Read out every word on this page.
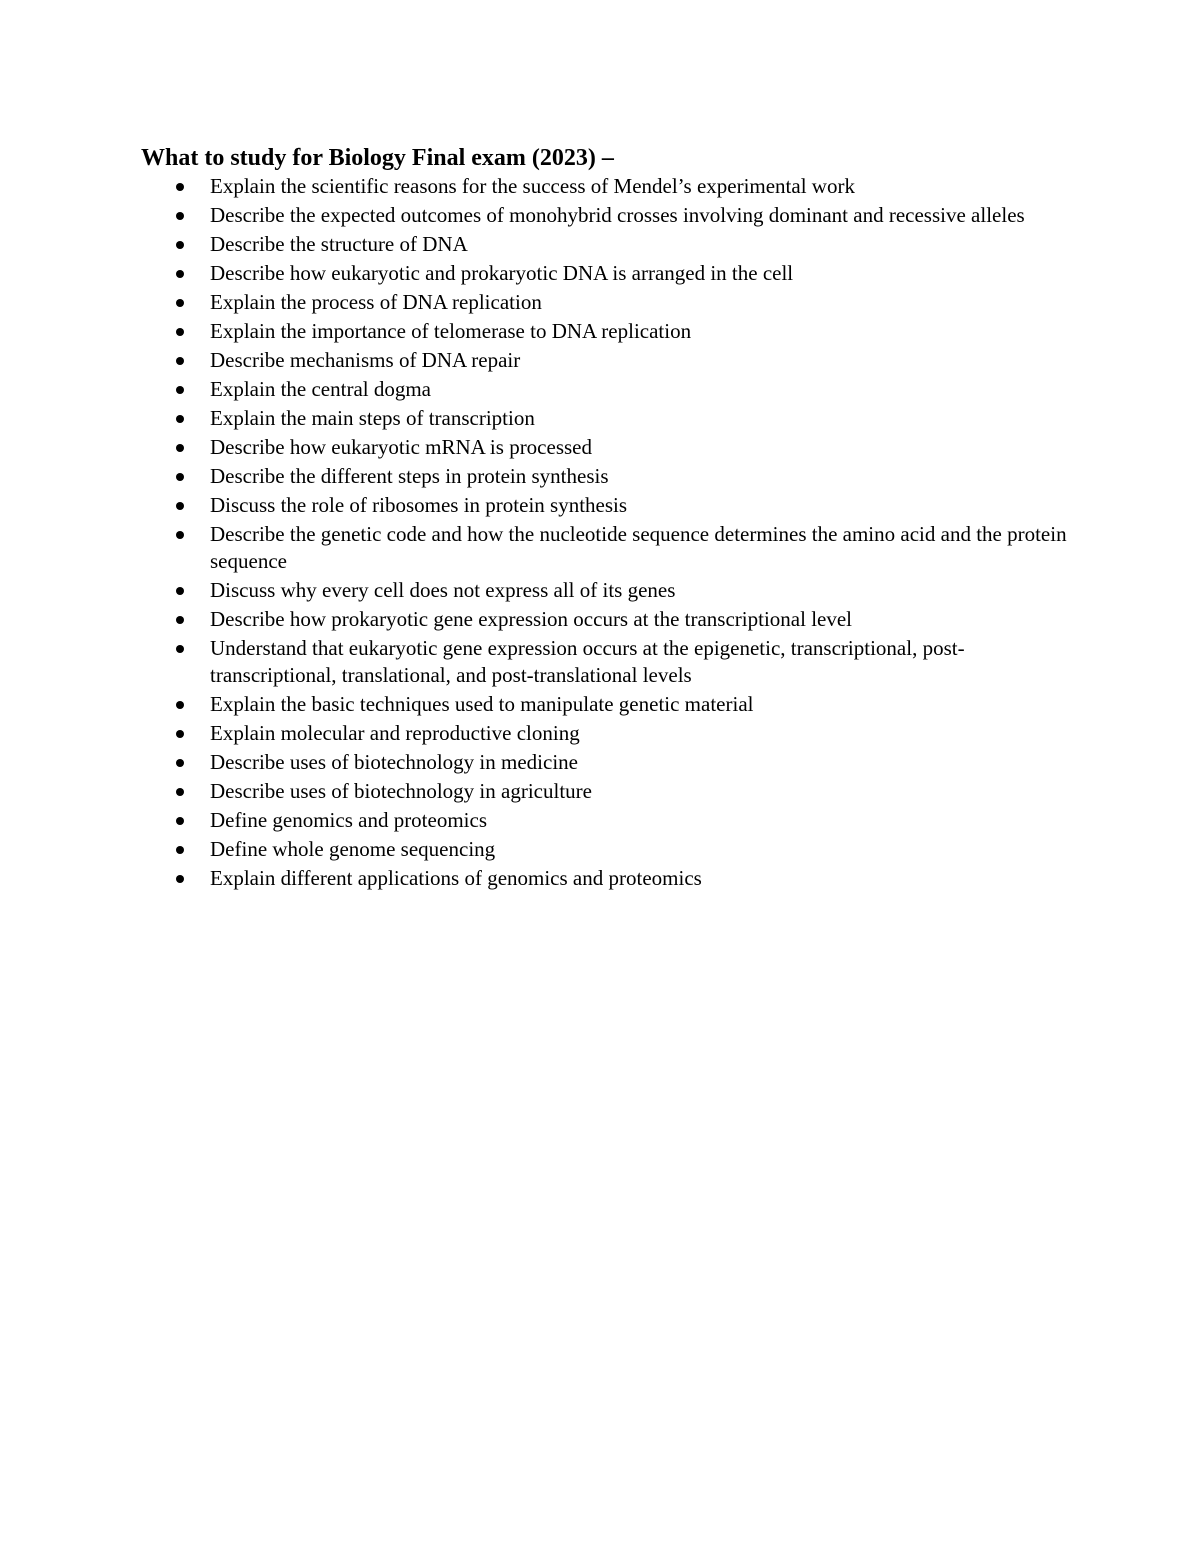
What to study for Biology Final exam (2023) –
Explain the scientific reasons for the success of Mendel’s experimental work
Describe the expected outcomes of monohybrid crosses involving dominant and recessive alleles
Describe the structure of DNA
Describe how eukaryotic and prokaryotic DNA is arranged in the cell
Explain the process of DNA replication
Explain the importance of telomerase to DNA replication
Describe mechanisms of DNA repair
Explain the central dogma
Explain the main steps of transcription
Describe how eukaryotic mRNA is processed
Describe the different steps in protein synthesis
Discuss the role of ribosomes in protein synthesis
Describe the genetic code and how the nucleotide sequence determines the amino acid and the protein sequence
Discuss why every cell does not express all of its genes
Describe how prokaryotic gene expression occurs at the transcriptional level
Understand that eukaryotic gene expression occurs at the epigenetic, transcriptional, post-transcriptional, translational, and post-translational levels
Explain the basic techniques used to manipulate genetic material
Explain molecular and reproductive cloning
Describe uses of biotechnology in medicine
Describe uses of biotechnology in agriculture
Define genomics and proteomics
Define whole genome sequencing
Explain different applications of genomics and proteomics
